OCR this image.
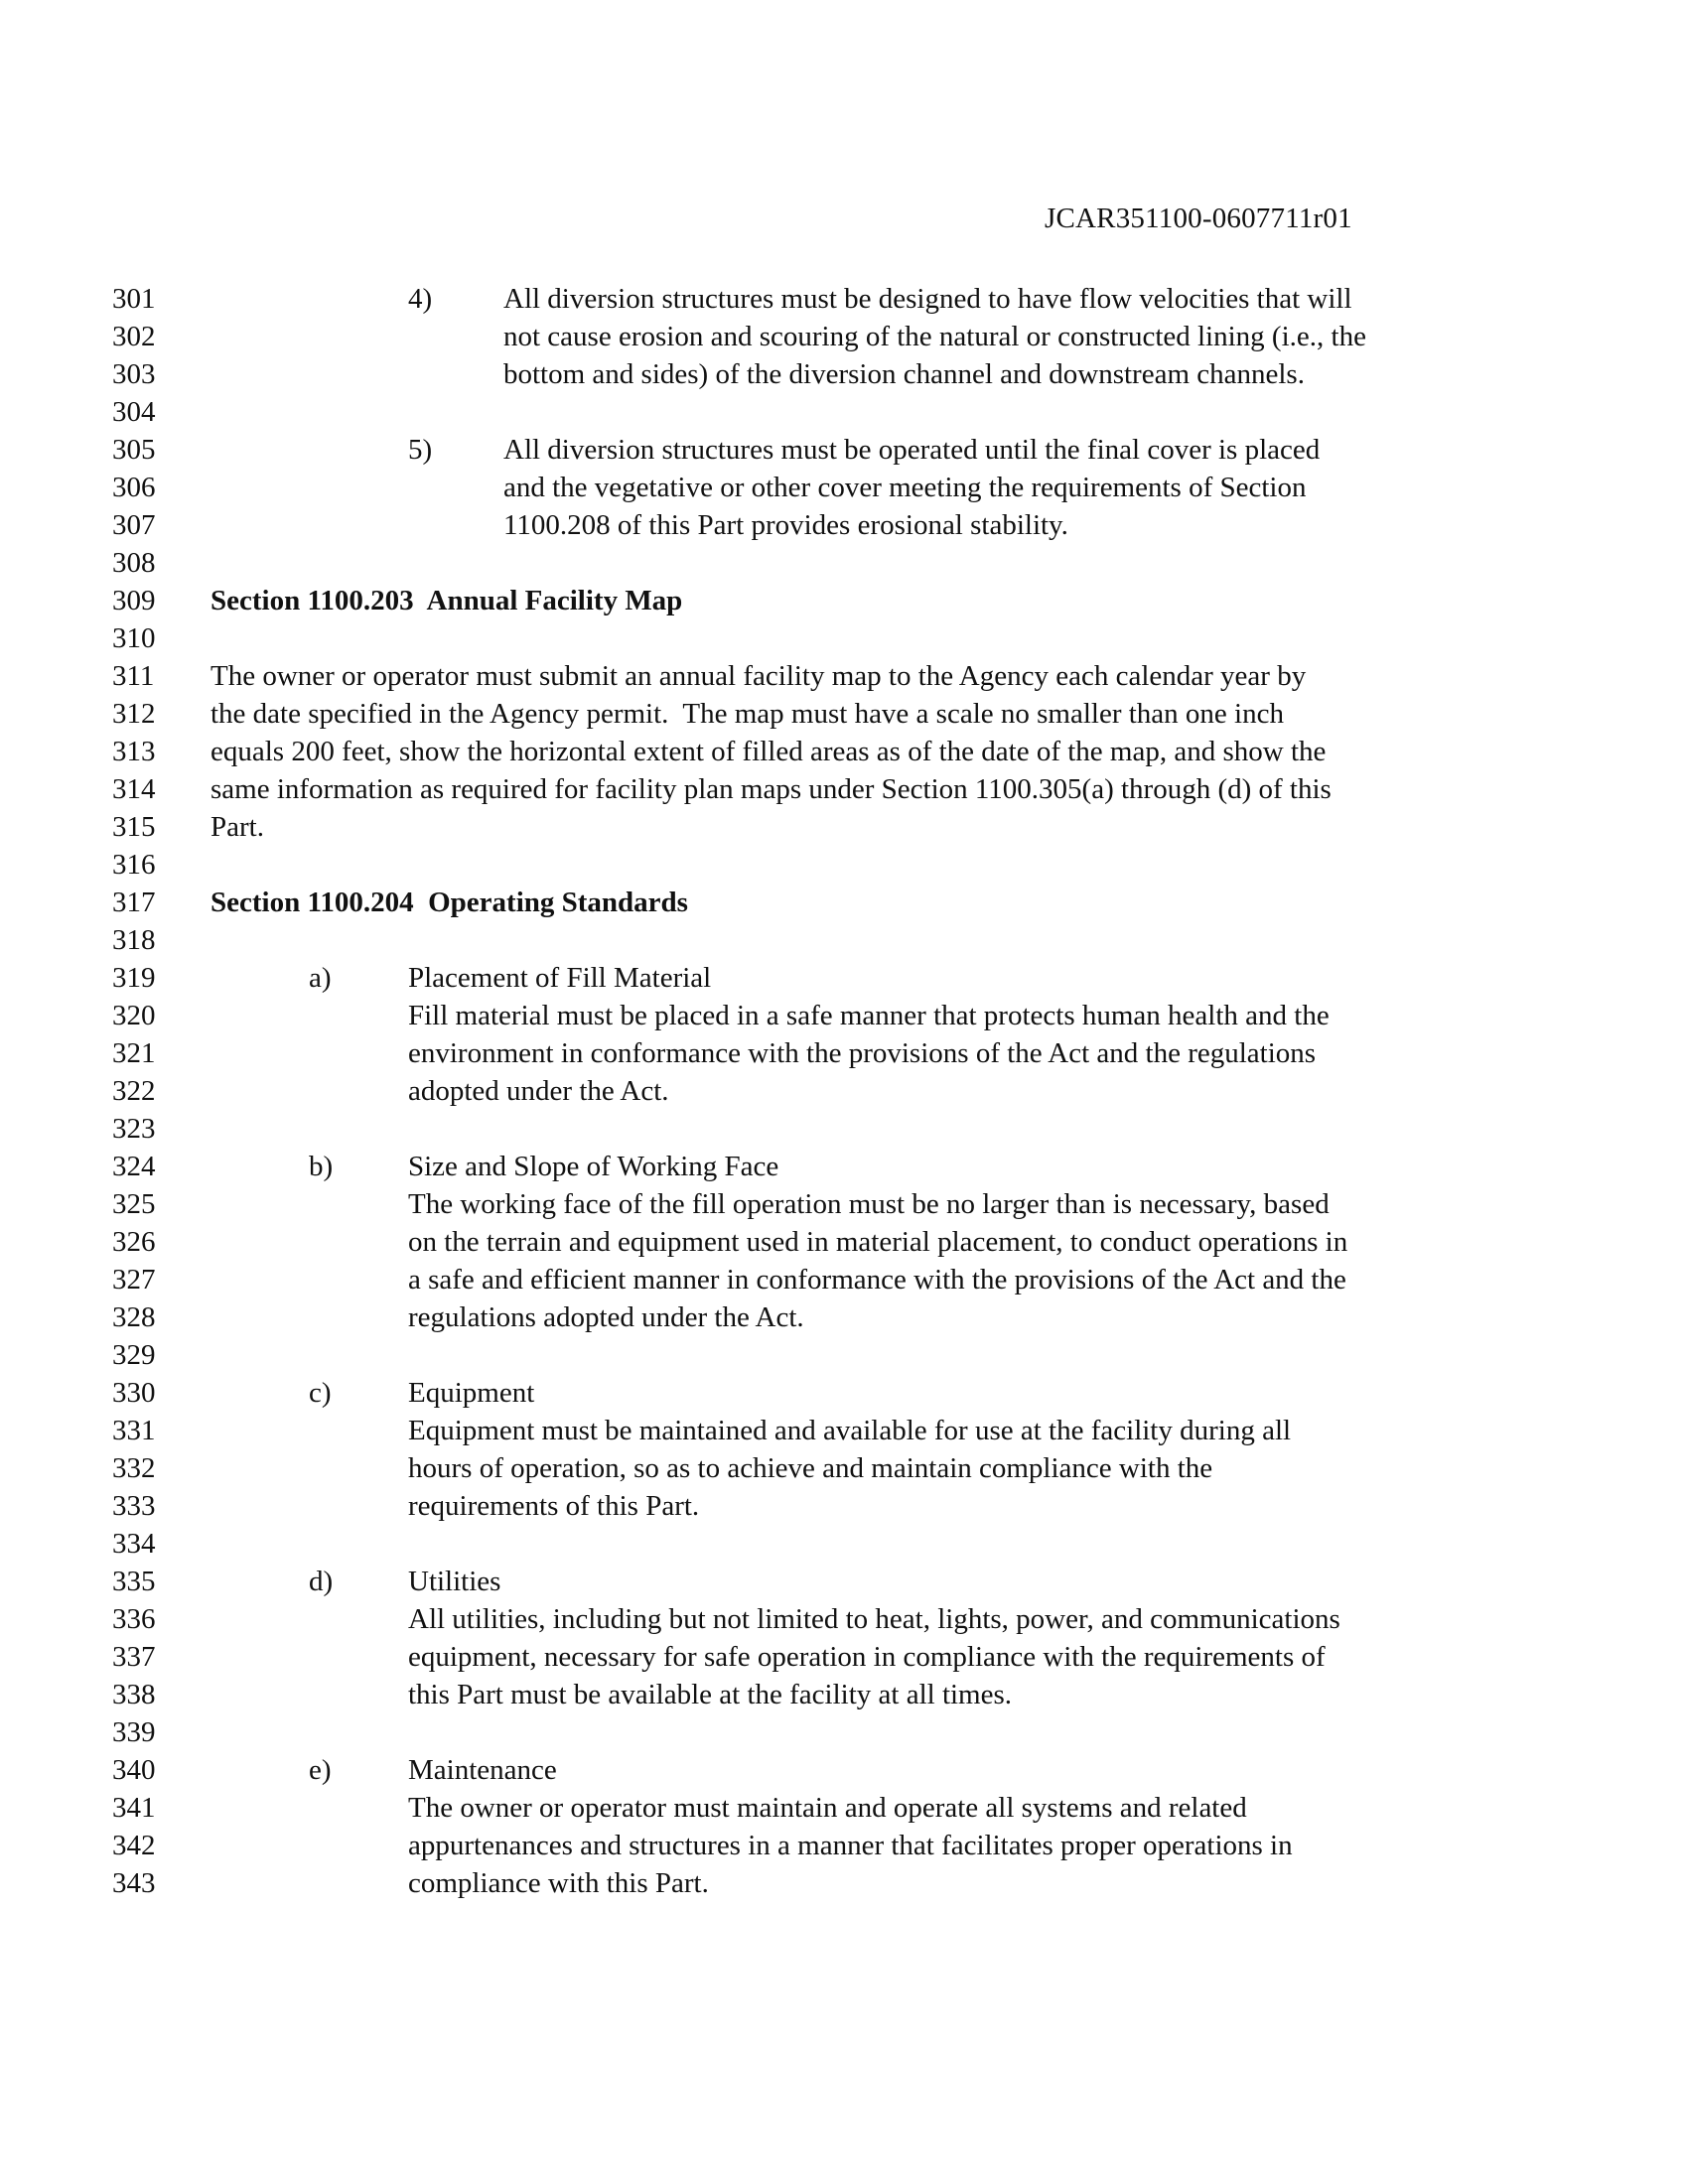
JCAR351100-0607711r01
301	4) All diversion structures must be designed to have flow velocities that will
302	not cause erosion and scouring of the natural or constructed lining (i.e., the
303	bottom and sides) of the diversion channel and downstream channels.
304
305	5) All diversion structures must be operated until the final cover is placed
306	and the vegetative or other cover meeting the requirements of Section
307	1100.208 of this Part provides erosional stability.
308
309	Section 1100.203  Annual Facility Map
310
311	The owner or operator must submit an annual facility map to the Agency each calendar year by
312	the date specified in the Agency permit.  The map must have a scale no smaller than one inch
313	equals 200 feet, show the horizontal extent of filled areas as of the date of the map, and show the
314	same information as required for facility plan maps under Section 1100.305(a) through (d) of this
315	Part.
316
317	Section 1100.204  Operating Standards
318
319	a)	Placement of Fill Material
320	Fill material must be placed in a safe manner that protects human health and the
321	environment in conformance with the provisions of the Act and the regulations
322	adopted under the Act.
323
324	b)	Size and Slope of Working Face
325	The working face of the fill operation must be no larger than is necessary, based
326	on the terrain and equipment used in material placement, to conduct operations in
327	a safe and efficient manner in conformance with the provisions of the Act and the
328	regulations adopted under the Act.
329
330	c)	Equipment
331	Equipment must be maintained and available for use at the facility during all
332	hours of operation, so as to achieve and maintain compliance with the
333	requirements of this Part.
334
335	d)	Utilities
336	All utilities, including but not limited to heat, lights, power, and communications
337	equipment, necessary for safe operation in compliance with the requirements of
338	this Part must be available at the facility at all times.
339
340	e)	Maintenance
341	The owner or operator must maintain and operate all systems and related
342	appurtenances and structures in a manner that facilitates proper operations in
343	compliance with this Part.
